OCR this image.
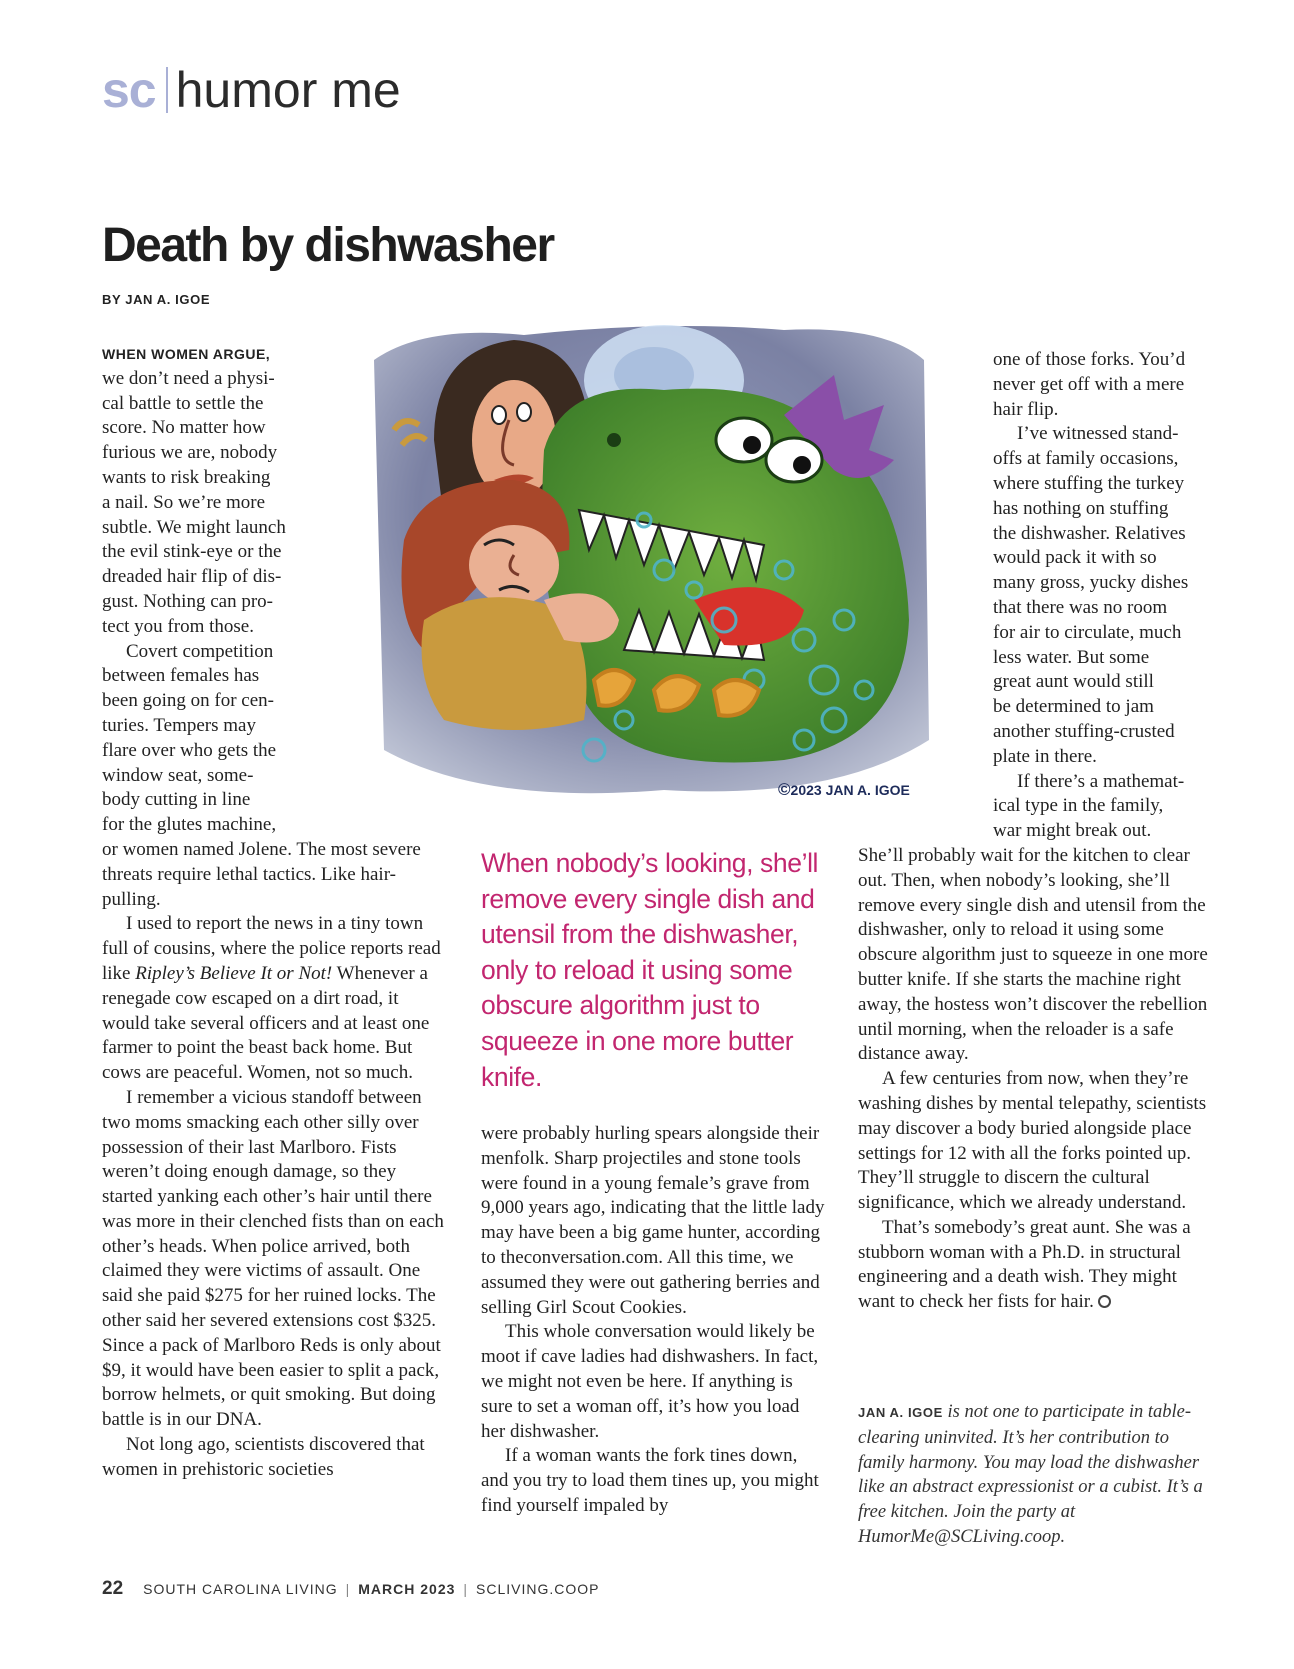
sc humor me
Death by dishwasher
BY JAN A. IGOE
WHEN WOMEN ARGUE,
we don’t need a physi-
cal battle to settle the
score. No matter how
furious we are, nobody
wants to risk breaking
a nail. So we’re more
subtle. We might launch
the evil stink-eye or the
dreaded hair flip of dis-
gust. Nothing can pro-
tect you from those.
Covert competition
between females has
been going on for cen-
turies. Tempers may
flare over who gets the
window seat, some-
body cutting in line
for the glutes machine,

or women named Jolene. The most severe threats require lethal tactics. Like hair-pulling.

I used to report the news in a tiny town full of cousins, where the police reports read like Ripley’s Believe It or Not! Whenever a renegade cow escaped on a dirt road, it would take several officers and at least one farmer to point the beast back home. But cows are peaceful. Women, not so much.

I remember a vicious standoff between two moms smacking each other silly over possession of their last Marlboro. Fists weren’t doing enough damage, so they started yanking each other’s hair until there was more in their clenched fists than on each other’s heads. When police arrived, both claimed they were victims of assault. One said she paid $275 for her ruined locks. The other said her severed extensions cost $325. Since a pack of Marlboro Reds is only about $9, it would have been easier to split a pack, borrow helmets, or quit smoking. But doing battle is in our DNA.

Not long ago, scientists discovered that women in prehistoric societies

©2023 JAN A. IGOE
When nobody’s looking, she’ll remove every single dish and utensil from the dishwasher, only to reload it using some obscure algorithm just to squeeze in one more butter knife.

were probably hurling spears alongside their menfolk. Sharp projectiles and stone tools were found in a young female’s grave from 9,000 years ago, indicating that the little lady may have been a big game hunter, according to theconversation.com. All this time, we assumed they were out gathering berries and selling Girl Scout Cookies.

This whole conversation would likely be moot if cave ladies had dishwashers. In fact, we might not even be here. If anything is sure to set a woman off, it’s how you load her dishwasher.

If a woman wants the fork tines down, and you try to load them tines up, you might find yourself impaled by

one of those forks. You’d
never get off with a mere
hair flip.
I’ve witnessed stand-
offs at family occasions,
where stuffing the turkey
has nothing on stuffing
the dishwasher. Relatives
would pack it with so
many gross, yucky dishes
that there was no room
for air to circulate, much
less water. But some
great aunt would still
be determined to jam
another stuffing-crusted
plate in there.
If there’s a mathemat-
ical type in the family,
war might break out.

She’ll probably wait for the kitchen to clear out. Then, when nobody’s looking, she’ll remove every single dish and utensil from the dishwasher, only to reload it using some obscure algorithm just to squeeze in one more butter knife. If she starts the machine right away, the hostess won’t discover the rebellion until morning, when the reloader is a safe distance away.

A few centuries from now, when they’re washing dishes by mental telepathy, scientists may discover a body buried alongside place settings for 12 with all the forks pointed up. They’ll struggle to discern the cultural significance, which we already understand.

That’s somebody’s great aunt. She was a stubborn woman with a Ph.D. in structural engineering and a death wish. They might want to check her fists for hair.

JAN A. IGOE is not one to participate in table-clearing uninvited. It’s her contribution to family harmony. You may load the dishwasher like an abstract expressionist or a cubist. It’s a free kitchen. Join the party at HumorMe@SCLiving.coop.
22 SOUTH CAROLINA LIVING | MARCH 2023 | SCLIVING.COOP
